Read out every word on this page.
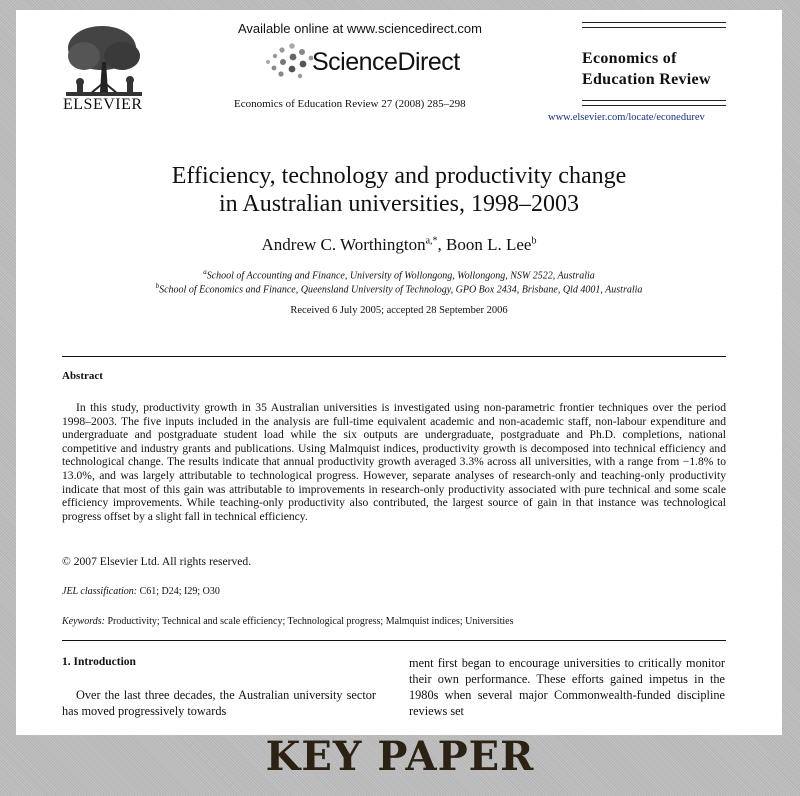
ELSEVIER
Available online at www.sciencedirect.com
ScienceDirect
Economics of Education Review 27 (2008) 285–298
Economics of
Education Review
www.elsevier.com/locate/econedurev
Efficiency, technology and productivity change
in Australian universities, 1998–2003
Andrew C. Worthington$^{a,*}$, Boon L. Lee$^b$
$^a$School of Accounting and Finance, University of Wollongong, Wollongong, NSW 2522, Australia
$^b$School of Economics and Finance, Queensland University of Technology, GPO Box 2434, Brisbane, Qld 4001, Australia
Received 6 July 2005; accepted 28 September 2006
Abstract
In this study, productivity growth in 35 Australian universities is investigated using non-parametric frontier techniques over the period 1998–2003. The five inputs included in the analysis are full-time equivalent academic and non-academic staff, non-labour expenditure and undergraduate and postgraduate student load while the six outputs are undergraduate, postgraduate and Ph.D. completions, national competitive and industry grants and publications. Using Malmquist indices, productivity growth is decomposed into technical efficiency and technological change. The results indicate that annual productivity growth averaged 3.3% across all universities, with a range from −1.8% to 13.0%, and was largely attributable to technological progress. However, separate analyses of research-only and teaching-only productivity indicate that most of this gain was attributable to improvements in research-only productivity associated with pure technical and some scale efficiency improvements. While teaching-only productivity also contributed, the largest source of gain in that instance was technological progress offset by a slight fall in technical efficiency.
© 2007 Elsevier Ltd. All rights reserved.
JEL classification: C61; D24; I29; O30
Keywords: Productivity; Technical and scale efficiency; Technological progress; Malmquist indices; Universities
1. Introduction
Over the last three decades, the Australian university sector has moved progressively towards
ment first began to encourage universities to critically monitor their own performance. These efforts gained impetus in the 1980s when several major Commonwealth-funded discipline reviews set
KEY PAPER
